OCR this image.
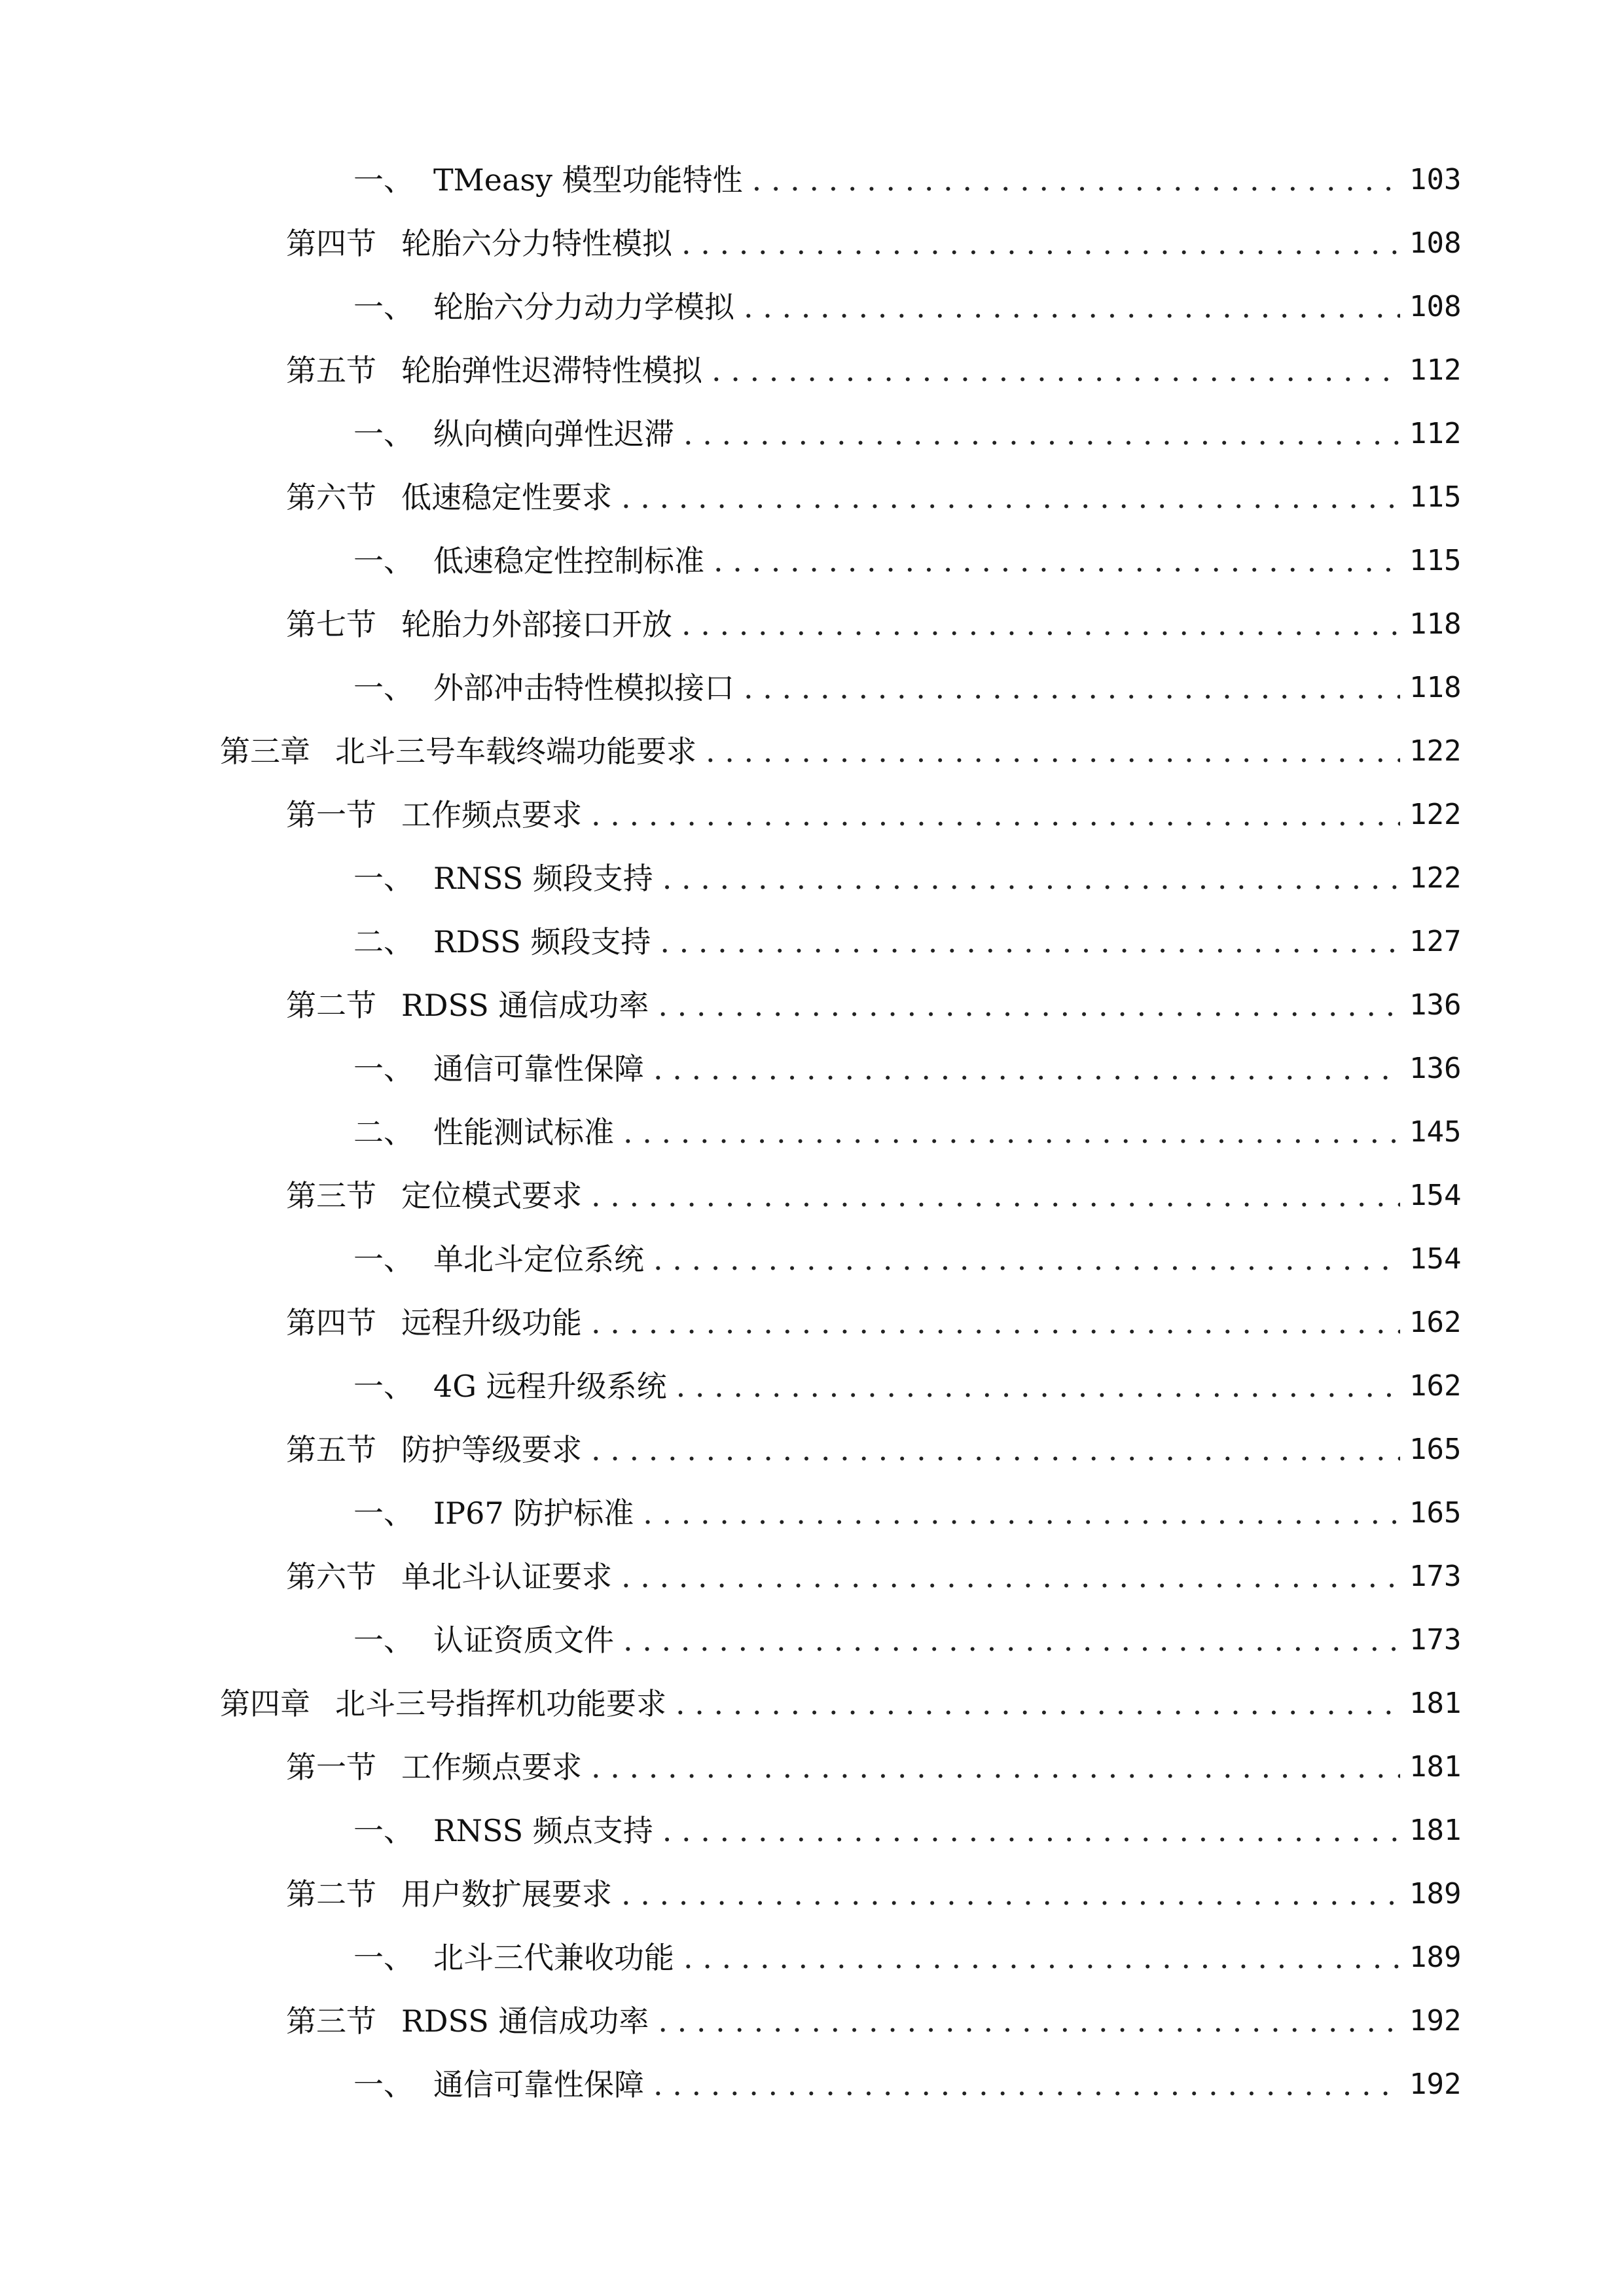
一、 TMeasy 模型功能特性 . . .	103
第四节 轮胎六分力特性模拟 . . .	108
一、 轮胎六分力动力学模拟 . . .	108
第五节 轮胎弹性迟滞特性模拟 . . .	112
一、 纵向横向弹性迟滞 . . .	112
第六节 低速稳定性要求 . . .	115
一、 低速稳定性控制标准 . . .	115
第七节 轮胎力外部接口开放 . . .	118
一、 外部冲击特性模拟接口 . . .	118
第三章 北斗三号车载终端功能要求 . . .	122
第一节 工作频点要求 . . .	122
一、 RNSS 频段支持 . . .	122
二、 RDSS 频段支持 . . .	127
第二节 RDSS 通信成功率 . . .	136
一、 通信可靠性保障 . . .	136
二、 性能测试标准 . . .	145
第三节 定位模式要求 . . .	154
一、 单北斗定位系统 . . .	154
第四节 远程升级功能 . . .	162
一、 4G 远程升级系统 . . .	162
第五节 防护等级要求 . . .	165
一、 IP67 防护标准 . . .	165
第六节 单北斗认证要求 . . .	173
一、 认证资质文件 . . .	173
第四章 北斗三号指挥机功能要求 . . .	181
第一节 工作频点要求 . . .	181
一、 RNSS 频点支持 . . .	181
第二节 用户数扩展要求 . . .	189
一、 北斗三代兼收功能 . . .	189
第三节 RDSS 通信成功率 . . .	192
一、 通信可靠性保障 . . .	192
